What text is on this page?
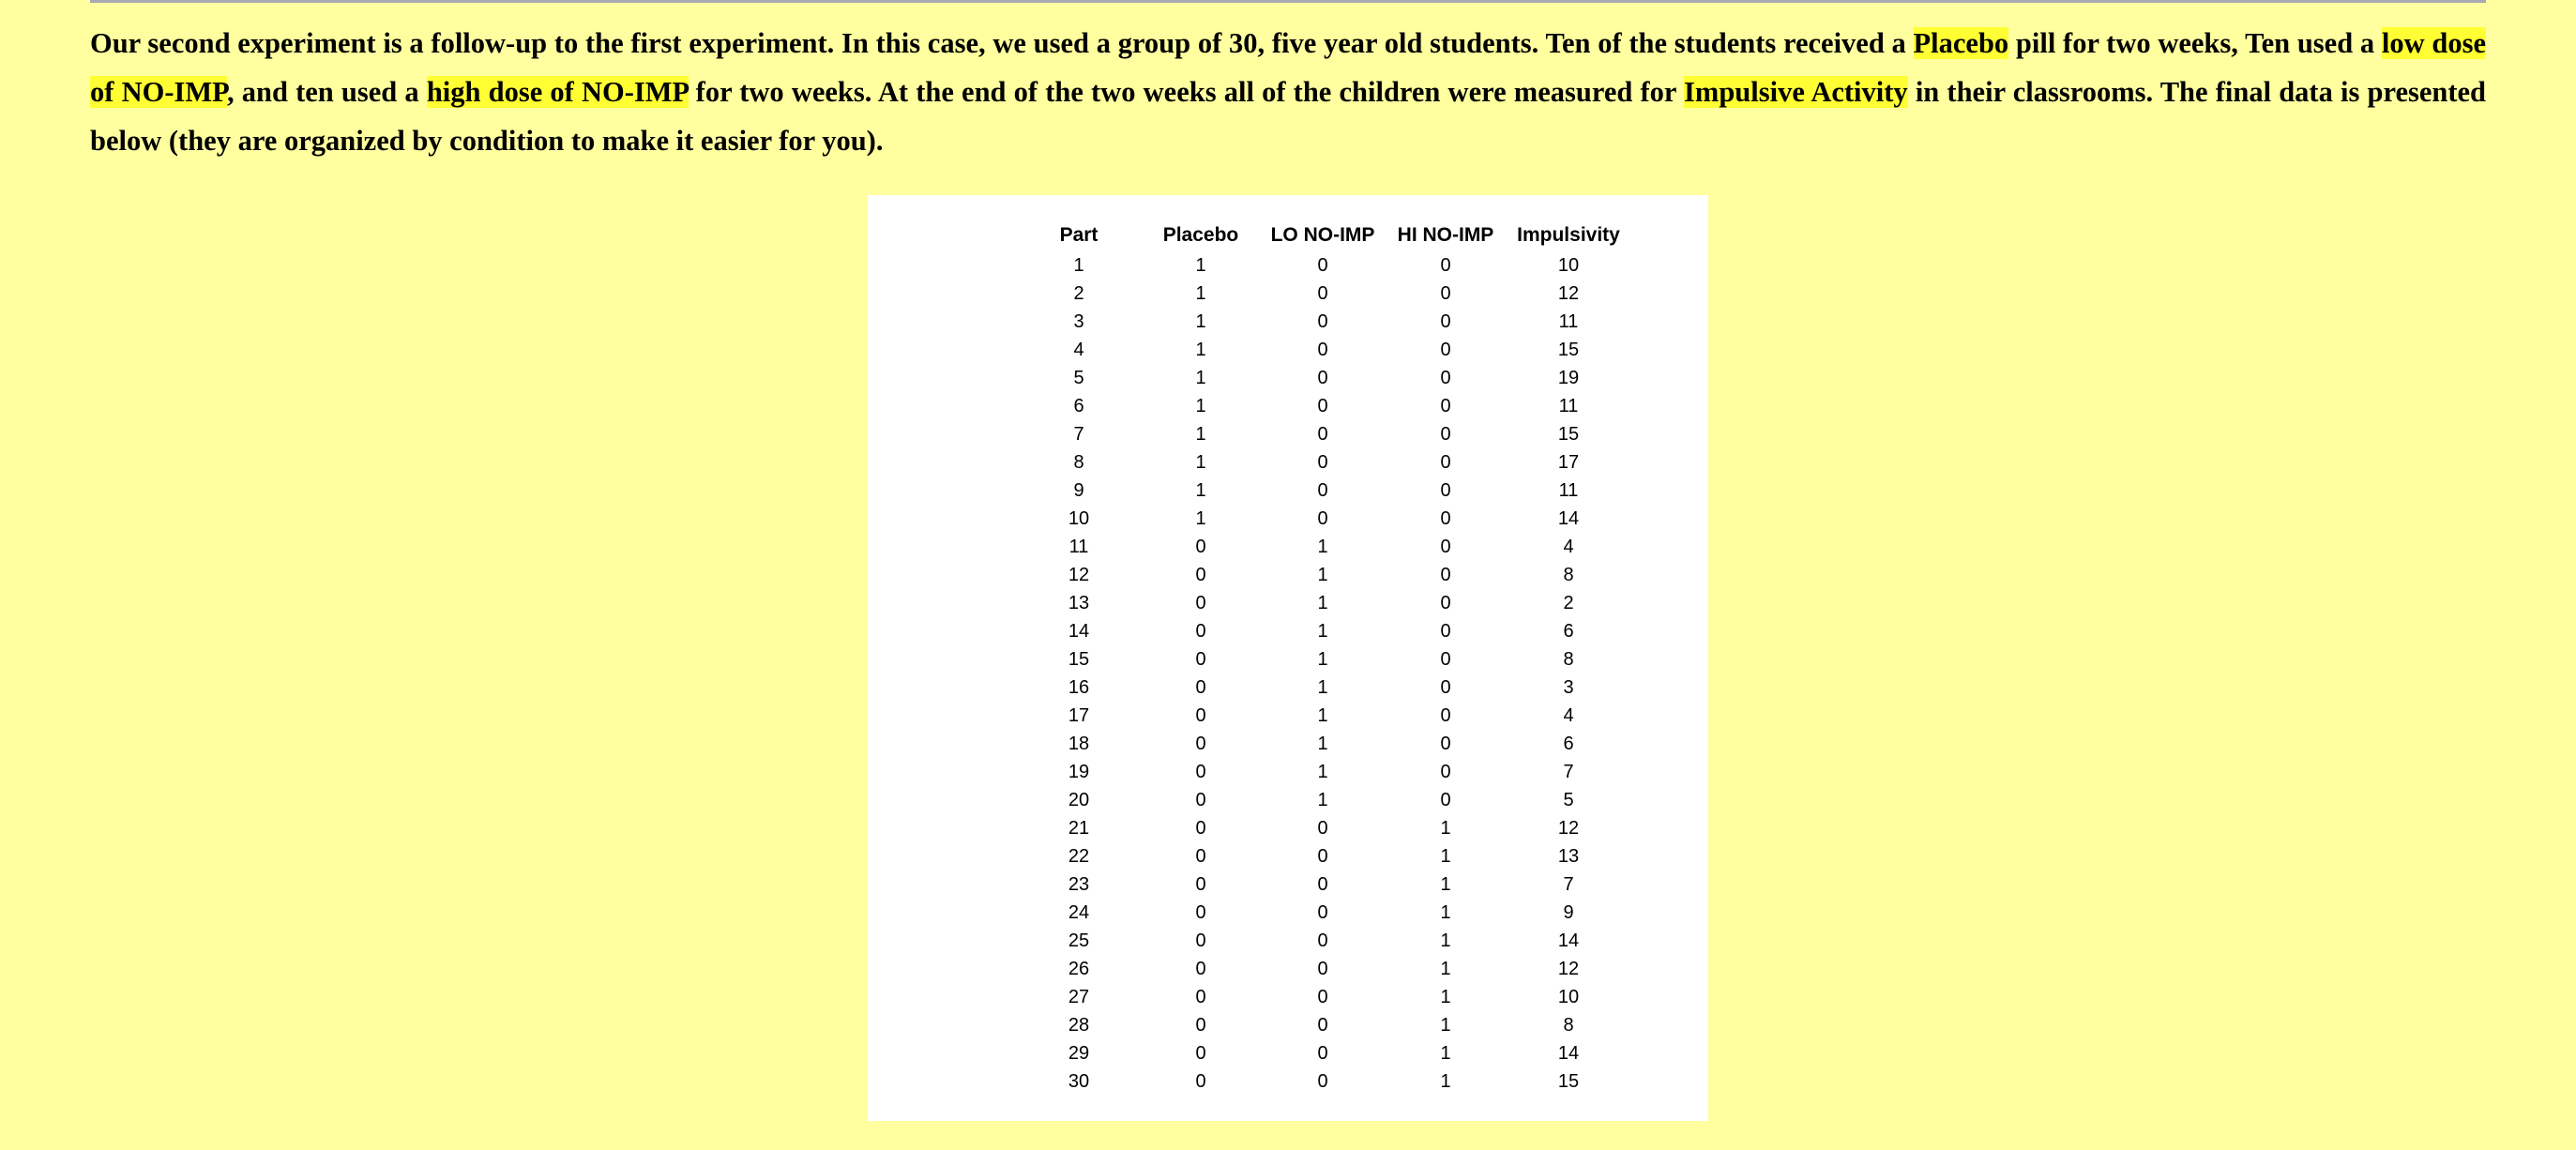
Our second experiment is a follow-up to the first experiment. In this case, we used a group of 30, five year old students. Ten of the students received a Placebo pill for two weeks, Ten used a low dose of NO-IMP, and ten used a high dose of NO-IMP for two weeks. At the end of the two weeks all of the children were measured for Impulsive Activity in their classrooms. The final data is presented below (they are organized by condition to make it easier for you).

Part	Placebo	LO NO-IMP	HI NO-IMP	Impulsivity
1	1	0	0	10
2	1	0	0	12
3	1	0	0	11
4	1	0	0	15
5	1	0	0	19
6	1	0	0	11
7	1	0	0	15
8	1	0	0	17
9	1	0	0	11
10	1	0	0	14
11	0	1	0	4
12	0	1	0	8
13	0	1	0	2
14	0	1	0	6
15	0	1	0	8
16	0	1	0	3
17	0	1	0	4
18	0	1	0	6
19	0	1	0	7
20	0	1	0	5
21	0	0	1	12
22	0	0	1	13
23	0	0	1	7
24	0	0	1	9
25	0	0	1	14
26	0	0	1	12
27	0	0	1	10
28	0	0	1	8
29	0	0	1	14
30	0	0	1	15
